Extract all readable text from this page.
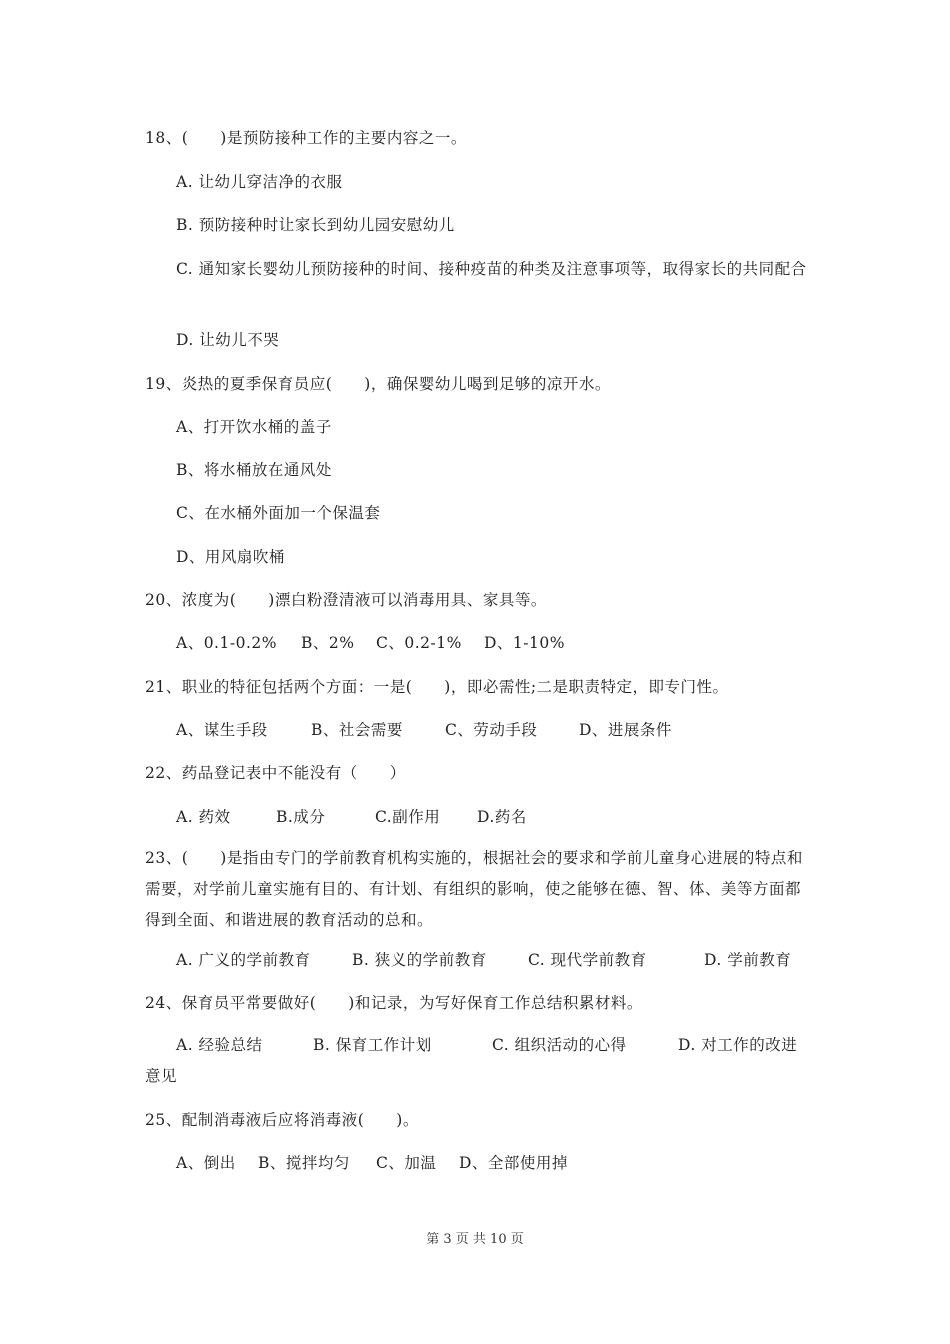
18、(　　)是预防接种工作的主要内容之一。
A. 让幼儿穿洁净的衣服
B. 预防接种时让家长到幼儿园安慰幼儿
C. 通知家长婴幼儿预防接种的时间、接种疫苗的种类及注意事项等，取得家长的共同配合
D. 让幼儿不哭
19、炎热的夏季保育员应(　　)，确保婴幼儿喝到足够的凉开水。
A、打开饮水桶的盖子
B、将水桶放在通风处
C、在水桶外面加一个保温套
D、用风扇吹桶
20、浓度为(　　)漂白粉澄清液可以消毒用具、家具等。
A、0.1-0.2% B、2% C、0.2-1% D、1-10%
21、职业的特征包括两个方面：一是(　　)，即必需性;二是职责特定，即专门性。
A、谋生手段	B、社会需要	C、劳动手段	D、进展条件
22、药品登记表中不能没有（　　）
A. 药效	B.成分	C.副作用 D.药名
23、(　　)是指由专门的学前教育机构实施的，根据社会的要求和学前儿童身心进展的特点和需要，对学前儿童实施有目的、有计划、有组织的影响，使之能够在德、智、体、美等方面都得到全面、和谐进展的教育活动的总和。
A. 广义的学前教育	B. 狭义的学前教育	C. 现代学前教育	D. 学前教育
24、保育员平常要做好(　　)和记录，为写好保育工作总结积累材料。
A. 经验总结	B. 保育工作计划	C. 组织活动的心得	D. 对工作的改进意见
25、配制消毒液后应将消毒液(　　)。
A、倒出 B、搅拌均匀 C、加温 D、全部使用掉
第 3 页 共 10 页
